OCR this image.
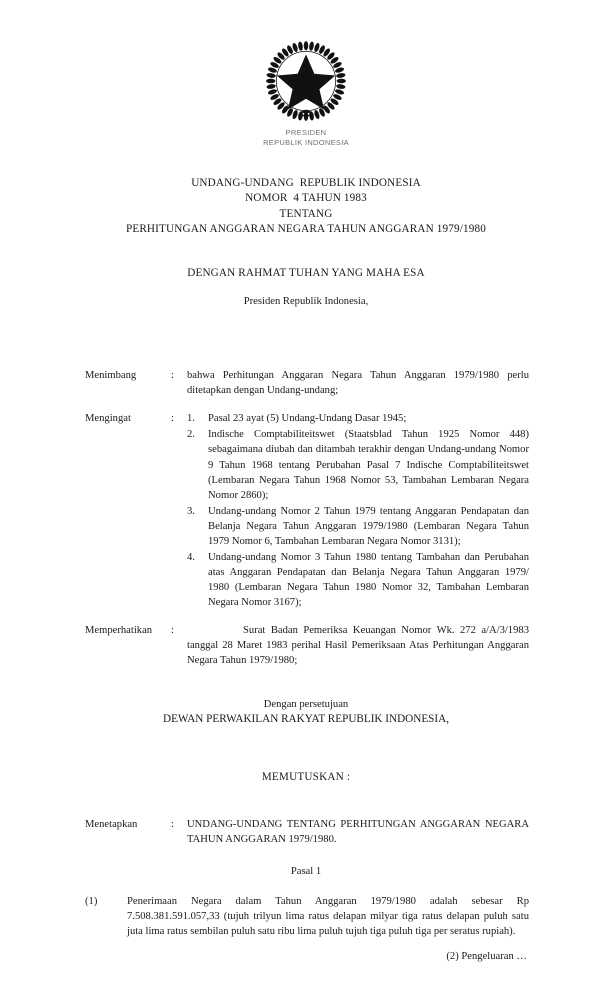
PRESIDEN
REPUBLIK INDONESIA
UNDANG-UNDANG  REPUBLIK INDONESIA
NOMOR  4 TAHUN 1983
TENTANG
PERHITUNGAN ANGGARAN NEGARA TAHUN ANGGARAN 1979/1980
DENGAN RAHMAT TUHAN YANG MAHA ESA
Presiden Republik Indonesia,
Menimbang	:	bahwa Perhitungan Anggaran Negara Tahun Anggaran 1979/1980 perlu ditetapkan dengan Undang-undang;

Mengingat	:	1. Pasal 23 ayat (5) Undang-Undang Dasar 1945;
2. Indische Comptabiliteitswet (Staatsblad Tahun 1925 Nomor 448) sebagaimana diubah dan ditambah terakhir dengan Undang-undang Nomor 9 Tahun 1968 tentang Perubahan Pasal 7 Indische Comptabiliteitswet (Lembaran Negara Tahun 1968 Nomor 53, Tambahan Lembaran Negara Nomor 2860);
3. Undang-undang Nomor 2 Tahun 1979 tentang Anggaran Pendapatan dan Belanja Negara Tahun Anggaran 1979/1980 (Lembaran Negara Tahun 1979 Nomor 6, Tambahan Lembaran Negara Nomor 3131);
4. Undang-undang Nomor 3 Tahun 1980 tentang Tambahan dan Perubahan atas Anggaran Pendapatan dan Belanja Negara Tahun Anggaran 1979/ 1980 (Lembaran Negara Tahun 1980 Nomor 32, Tambahan Lembaran Negara Nomor 3167);
Memperhatikan	:	Surat Badan Pemeriksa Keuangan Nomor Wk. 272 a/A/3/1983 tanggal 28 Maret 1983 perihal Hasil Pemeriksaan Atas Perhitungan Anggaran Negara Tahun 1979/1980;

Dengan persetujuan
DEWAN PERWAKILAN RAKYAT REPUBLIK INDONESIA,
MEMUTUSKAN :
Menetapkan	:	UNDANG-UNDANG TENTANG PERHITUNGAN ANGGARAN NEGARA TAHUN ANGGARAN 1979/1980.

Pasal 1
(1)	Penerimaan Negara dalam Tahun Anggaran 1979/1980 adalah sebesar Rp 7.508.381.591.057,33 (tujuh trilyun lima ratus delapan milyar tiga ratus delapan puluh satu juta lima ratus sembilan puluh satu ribu lima puluh tujuh tiga puluh tiga per seratus rupiah).
(2) Pengeluaran …
